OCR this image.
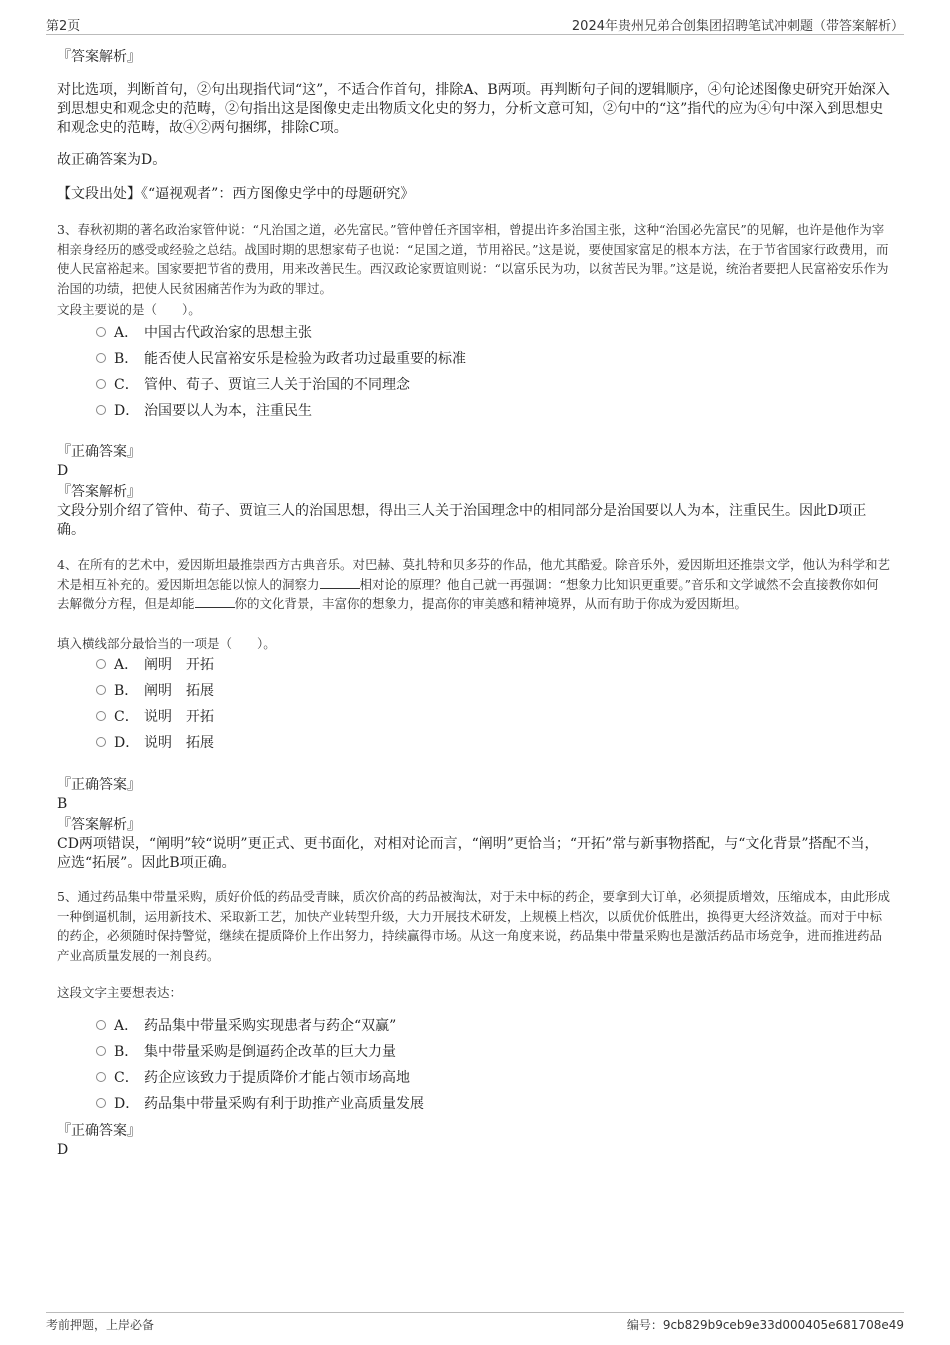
第2页	2024年贵州兄弟合创集团招聘笔试冲刺题（带答案解析）
『答案解析』
对比选项，判断首句，②句出现指代词“这”，不适合作首句，排除A、B两项。再判断句子间的逻辑顺序，④句论述图像史研究开始深入到思想史和观念史的范畴，②句指出这是图像史走出物质文化史的努力，分析文意可知，②句中的“这”指代的应为④句中深入到思想史和观念史的范畴，故④②两句捆绑，排除C项。
故正确答案为D。
【文段出处】《“逼视观者”：西方图像史学中的母题研究》
3、春秋初期的著名政治家管仲说：“凡治国之道，必先富民。”管仲曾任齐国宰相，曾提出许多治国主张，这种“治国必先富民”的见解，也许是他作为宰相亲身经历的感受或经验之总结。战国时期的思想家荀子也说：“足国之道，节用裕民。”这是说，要使国家富足的根本方法，在于节省国家行政费用，而使人民富裕起来。国家要把节省的费用，用来改善民生。西汉政论家贾谊则说：“以富乐民为功，以贫苦民为罪。”这是说，统治者要把人民富裕安乐作为治国的功绩，把使人民贫困痛苦作为为政的罪过。
文段主要说的是（　　）。
A． 中国古代政治家的思想主张
B． 能否使人民富裕安乐是检验为政者功过最重要的标准
C． 管仲、荀子、贾谊三人关于治国的不同理念
D． 治国要以人为本，注重民生
『正确答案』
D
『答案解析』
文段分别介绍了管仲、荀子、贾谊三人的治国思想，得出三人关于治国理念中的相同部分是治国要以人为本，注重民生。因此D项正确。
4、在所有的艺术中，爱因斯坦最推崇西方古典音乐。对巴赫、莫扎特和贝多芬的作品，他尤其酷爱。除音乐外，爱因斯坦还推崇文学，他认为科学和艺术是相互补充的。爱因斯坦怎能以惊人的洞察力	相对论的原理？他自己就一再强调：“想象力比知识更重要。”音乐和文学诚然不会直接教你如何去解微分方程，但是却能	你的文化背景，丰富你的想象力，提高你的审美感和精神境界，从而有助于你成为爱因斯坦。
填入横线部分最恰当的一项是（　　）。
A． 阐明　开拓
B． 阐明　拓展
C． 说明　开拓
D． 说明　拓展
『正确答案』
B
『答案解析』
CD两项错误，“阐明”较“说明”更正式、更书面化，对相对论而言，“阐明”更恰当；“开拓”常与新事物搭配，与“文化背景”搭配不当，应选“拓展”。因此B项正确。
5、通过药品集中带量采购，质好价低的药品受青睐，质次价高的药品被淘汰，对于未中标的药企，要拿到大订单，必须提质增效，压缩成本，由此形成一种倒逼机制，运用新技术、采取新工艺，加快产业转型升级，大力开展技术研发，上规模上档次，以质优价低胜出，换得更大经济效益。而对于中标的药企，必须随时保持警觉，继续在提质降价上作出努力，持续赢得市场。从这一角度来说，药品集中带量采购也是激活药品市场竞争，进而推进药品产业高质量发展的一剂良药。
这段文字主要想表达：
A． 药品集中带量采购实现患者与药企“双赢”
B． 集中带量采购是倒逼药企改革的巨大力量
C． 药企应该致力于提质降价才能占领市场高地
D． 药品集中带量采购有利于助推产业高质量发展
『正确答案』
D
考前押题，上岸必备	编号：9cb829b9ceb9e33d000405e681708e49
